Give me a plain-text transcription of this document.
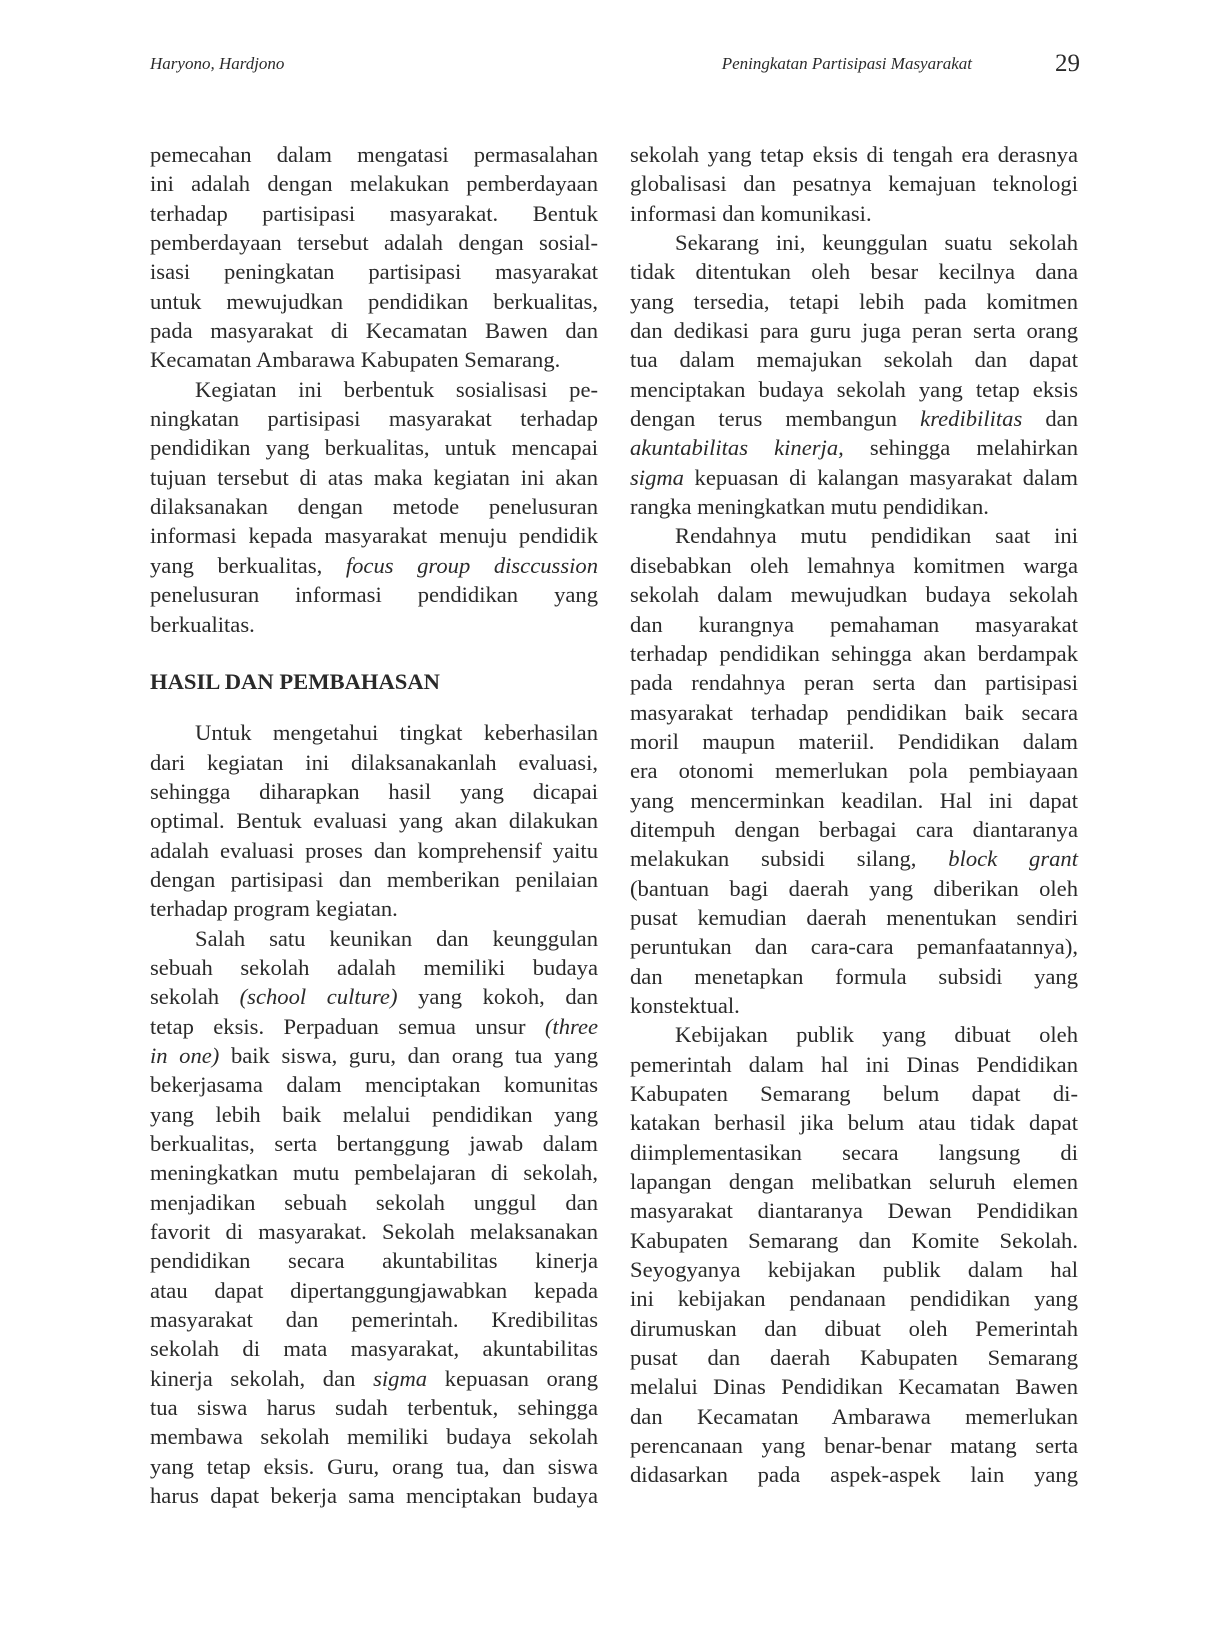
Haryono, Hardjono	Peningkatan Partisipasi Masyarakat	29

pemecahan dalam mengatasi permasalahan

ini adalah dengan melakukan pemberdayaan

terhadap partisipasi masyarakat. Bentuk

pemberdayaan tersebut adalah dengan sosial-

isasi peningkatan partisipasi masyarakat

untuk mewujudkan pendidikan berkualitas,

pada masyarakat di Kecamatan Bawen dan

Kecamatan Ambarawa Kabupaten Semarang.

Kegiatan ini berbentuk sosialisasi pe-

ningkatan partisipasi masyarakat terhadap

pendidikan yang berkualitas, untuk mencapai

tujuan tersebut di atas maka kegiatan ini akan

dilaksanakan dengan metode penelusuran

informasi kepada masyarakat menuju pendidik

yang berkualitas, focus group disccussion

penelusuran informasi pendidikan yang

berkualitas.

HASIL DAN PEMBAHASAN

Untuk mengetahui tingkat keberhasilan

dari kegiatan ini dilaksanakanlah evaluasi,

sehingga diharapkan hasil yang dicapai

optimal. Bentuk evaluasi yang akan dilakukan

adalah evaluasi proses dan komprehensif yaitu

dengan partisipasi dan memberikan penilaian

terhadap program kegiatan.

Salah satu keunikan dan keunggulan

sebuah sekolah adalah memiliki budaya

sekolah (school culture) yang kokoh, dan

tetap eksis. Perpaduan semua unsur (three

in one) baik siswa, guru, dan orang tua yang

bekerjasama dalam menciptakan komunitas

yang lebih baik melalui pendidikan yang

berkualitas, serta bertanggung jawab dalam

meningkatkan mutu pembelajaran di sekolah,

menjadikan sebuah sekolah unggul dan

favorit di masyarakat. Sekolah melaksanakan

pendidikan secara akuntabilitas kinerja

atau dapat dipertanggungjawabkan kepada

masyarakat dan pemerintah. Kredibilitas

sekolah di mata masyarakat, akuntabilitas

kinerja sekolah, dan sigma kepuasan orang

tua siswa harus sudah terbentuk, sehingga

membawa sekolah memiliki budaya sekolah

yang tetap eksis. Guru, orang tua, dan siswa

harus dapat bekerja sama menciptakan budaya

sekolah yang tetap eksis di tengah era derasnya

globalisasi dan pesatnya kemajuan teknologi

informasi dan komunikasi.

Sekarang ini, keunggulan suatu sekolah

tidak ditentukan oleh besar kecilnya dana

yang tersedia, tetapi lebih pada komitmen

dan dedikasi para guru juga peran serta orang

tua dalam memajukan sekolah dan dapat

menciptakan budaya sekolah yang tetap eksis

dengan terus membangun kredibilitas dan

akuntabilitas kinerja, sehingga melahirkan

sigma kepuasan di kalangan masyarakat dalam

rangka meningkatkan mutu pendidikan.

Rendahnya mutu pendidikan saat ini

disebabkan oleh lemahnya komitmen warga

sekolah dalam mewujudkan budaya sekolah

dan kurangnya pemahaman masyarakat

terhadap pendidikan sehingga akan berdampak

pada rendahnya peran serta dan partisipasi

masyarakat terhadap pendidikan baik secara

moril maupun materiil. Pendidikan dalam

era otonomi memerlukan pola pembiayaan

yang mencerminkan keadilan. Hal ini dapat

ditempuh dengan berbagai cara diantaranya

melakukan subsidi silang, block grant

(bantuan bagi daerah yang diberikan oleh

pusat kemudian daerah menentukan sendiri

peruntukan dan cara-cara pemanfaatannya),

dan menetapkan formula subsidi yang

konstektual.

Kebijakan publik yang dibuat oleh

pemerintah dalam hal ini Dinas Pendidikan

Kabupaten Semarang belum dapat di-

katakan berhasil jika belum atau tidak dapat

diimplementasikan secara langsung di

lapangan dengan melibatkan seluruh elemen

masyarakat diantaranya Dewan Pendidikan

Kabupaten Semarang dan Komite Sekolah.

Seyogyanya kebijakan publik dalam hal

ini kebijakan pendanaan pendidikan yang

dirumuskan dan dibuat oleh Pemerintah

pusat dan daerah Kabupaten Semarang

melalui Dinas Pendidikan Kecamatan Bawen

dan Kecamatan Ambarawa memerlukan

perencanaan yang benar-benar matang serta

didasarkan pada aspek-aspek lain yang
